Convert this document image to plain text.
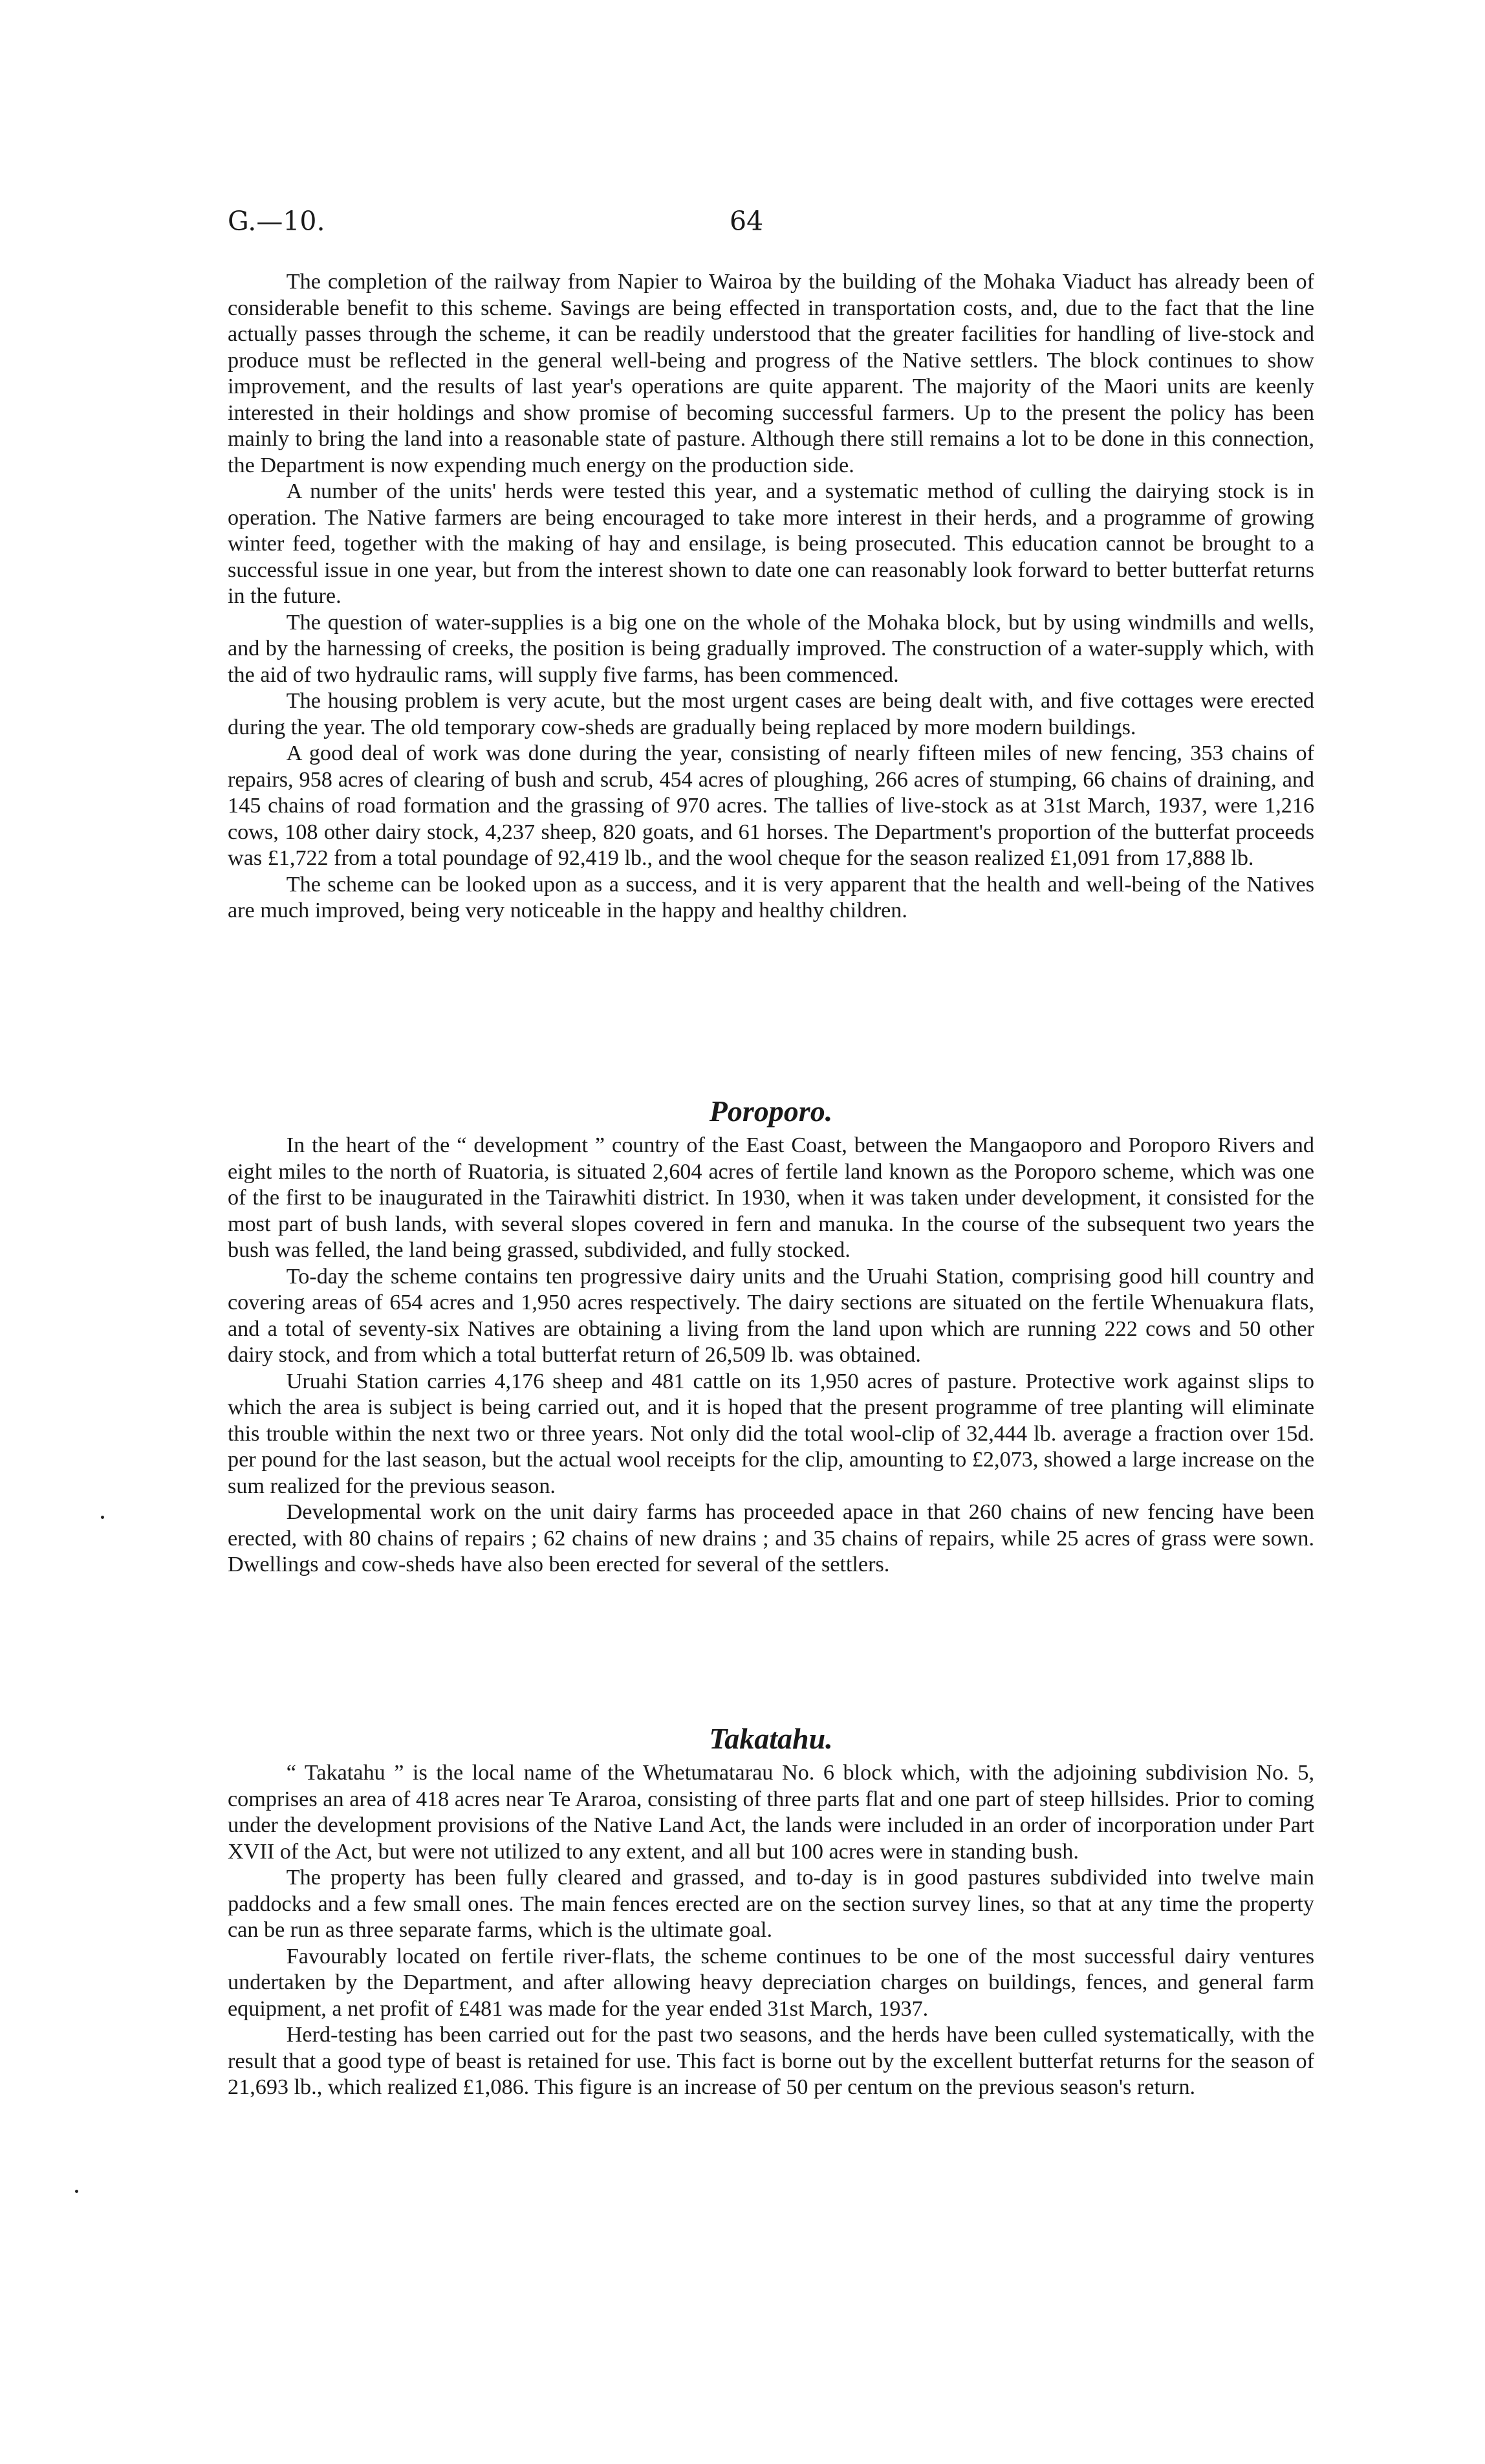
G.—10.	64

The completion of the railway from Napier to Wairoa by the building of the Mohaka Viaduct has already been of considerable benefit to this scheme. Savings are being effected in transportation costs, and, due to the fact that the line actually passes through the scheme, it can be readily understood that the greater facilities for handling of live-stock and produce must be reflected in the general well-being and progress of the Native settlers. The block continues to show improvement, and the results of last year's operations are quite apparent. The majority of the Maori units are keenly interested in their holdings and show promise of becoming successful farmers. Up to the present the policy has been mainly to bring the land into a reasonable state of pasture. Although there still remains a lot to be done in this connection, the Department is now expending much energy on the production side.

A number of the units' herds were tested this year, and a systematic method of culling the dairying stock is in operation. The Native farmers are being encouraged to take more interest in their herds, and a programme of growing winter feed, together with the making of hay and ensilage, is being prosecuted. This education cannot be brought to a successful issue in one year, but from the interest shown to date one can reasonably look forward to better butterfat returns in the future.

The question of water-supplies is a big one on the whole of the Mohaka block, but by using windmills and wells, and by the harnessing of creeks, the position is being gradually improved. The construction of a water-supply which, with the aid of two hydraulic rams, will supply five farms, has been commenced.

The housing problem is very acute, but the most urgent cases are being dealt with, and five cottages were erected during the year. The old temporary cow-sheds are gradually being replaced by more modern buildings.

A good deal of work was done during the year, consisting of nearly fifteen miles of new fencing, 353 chains of repairs, 958 acres of clearing of bush and scrub, 454 acres of ploughing, 266 acres of stumping, 66 chains of draining, and 145 chains of road formation and the grassing of 970 acres. The tallies of live-stock as at 31st March, 1937, were 1,216 cows, 108 other dairy stock, 4,237 sheep, 820 goats, and 61 horses. The Department's proportion of the butterfat proceeds was £1,722 from a total poundage of 92,419 lb., and the wool cheque for the season realized £1,091 from 17,888 lb.

The scheme can be looked upon as a success, and it is very apparent that the health and well-being of the Natives are much improved, being very noticeable in the happy and healthy children.

Poroporo.

In the heart of the “ development ” country of the East Coast, between the Mangaoporo and Poroporo Rivers and eight miles to the north of Ruatoria, is situated 2,604 acres of fertile land known as the Poroporo scheme, which was one of the first to be inaugurated in the Tairawhiti district. In 1930, when it was taken under development, it consisted for the most part of bush lands, with several slopes covered in fern and manuka. In the course of the subsequent two years the bush was felled, the land being grassed, subdivided, and fully stocked.

To-day the scheme contains ten progressive dairy units and the Uruahi Station, comprising good hill country and covering areas of 654 acres and 1,950 acres respectively. The dairy sections are situated on the fertile Whenuakura flats, and a total of seventy-six Natives are obtaining a living from the land upon which are running 222 cows and 50 other dairy stock, and from which a total butterfat return of 26,509 lb. was obtained.

Uruahi Station carries 4,176 sheep and 481 cattle on its 1,950 acres of pasture. Protective work against slips to which the area is subject is being carried out, and it is hoped that the present programme of tree planting will eliminate this trouble within the next two or three years. Not only did the total wool-clip of 32,444 lb. average a fraction over 15d. per pound for the last season, but the actual wool receipts for the clip, amounting to £2,073, showed a large increase on the sum realized for the previous season.

Developmental work on the unit dairy farms has proceeded apace in that 260 chains of new fencing have been erected, with 80 chains of repairs ; 62 chains of new drains ; and 35 chains of repairs, while 25 acres of grass were sown. Dwellings and cow-sheds have also been erected for several of the settlers.

Takatahu.

“ Takatahu ” is the local name of the Whetumatarau No. 6 block which, with the adjoining subdivision No. 5, comprises an area of 418 acres near Te Araroa, consisting of three parts flat and one part of steep hillsides. Prior to coming under the development provisions of the Native Land Act, the lands were included in an order of incorporation under Part XVII of the Act, but were not utilized to any extent, and all but 100 acres were in standing bush.

The property has been fully cleared and grassed, and to-day is in good pastures subdivided into twelve main paddocks and a few small ones. The main fences erected are on the section survey lines, so that at any time the property can be run as three separate farms, which is the ultimate goal.

Favourably located on fertile river-flats, the scheme continues to be one of the most successful dairy ventures undertaken by the Department, and after allowing heavy depreciation charges on buildings, fences, and general farm equipment, a net profit of £481 was made for the year ended 31st March, 1937.

Herd-testing has been carried out for the past two seasons, and the herds have been culled systematically, with the result that a good type of beast is retained for use. This fact is borne out by the excellent butterfat returns for the season of 21,693 lb., which realized £1,086. This figure is an increase of 50 per centum on the previous season's return.
